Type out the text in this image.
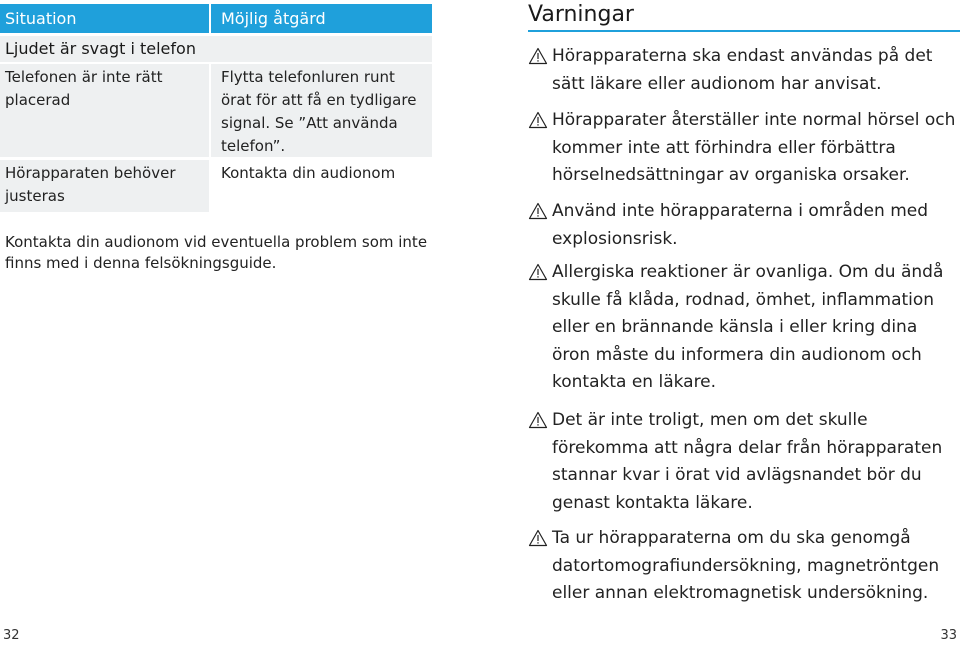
Situation	Möjlig åtgärd
Ljudet är svagt i telefon
Telefonen är inte rätt placerad
Flytta telefonluren runt örat för att få en tydligare signal. Se ”Att använda telefon”.
Hörapparaten behöver justeras
Kontakta din audionom
Kontakta din audionom vid eventuella problem som inte finns med i denna felsökningsguide.
32
Varningar
Hörapparaterna ska endast användas på det sätt läkare eller audionom har anvisat.
Hörapparater återställer inte normal hörsel och kommer inte att förhindra eller förbättra hörselnedsättningar av organiska orsaker.
Använd inte hörapparaterna i områden med explosionsrisk.
Allergiska reaktioner är ovanliga. Om du ändå skulle få klåda, rodnad, ömhet, inflammation eller en brännande känsla i eller kring dina öron måste du informera din audionom och kontakta en läkare.
Det är inte troligt, men om det skulle förekomma att några delar från hörapparaten stannar kvar i örat vid avlägsnandet bör du genast kontakta läkare.
Ta ur hörapparaterna om du ska genomgå datortomografiundersökning, magnetröntgen eller annan elektromagnetisk undersökning.
33
